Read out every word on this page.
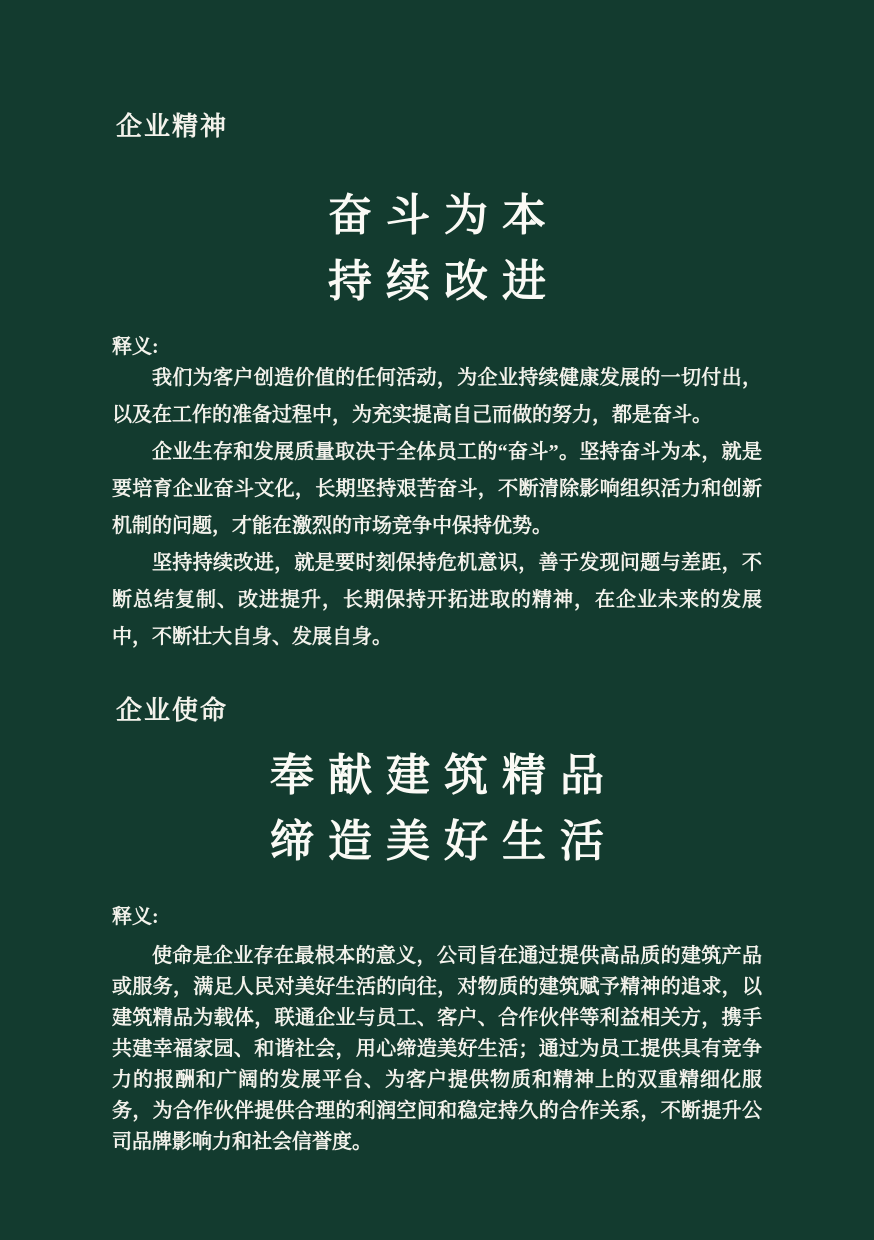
企业精神
奋斗为本
持续改进
释义:

我们为客户创造价值的任何活动，为企业持续健康发展的一切付出，以及在工作的准备过程中，为充实提高自己而做的努力，都是奋斗。

企业生存和发展质量取决于全体员工的“奋斗”。坚持奋斗为本，就是要培育企业奋斗文化，长期坚持艰苦奋斗，不断清除影响组织活力和创新机制的问题，才能在激烈的市场竞争中保持优势。

坚持持续改进，就是要时刻保持危机意识，善于发现问题与差距，不断总结复制、改进提升，长期保持开拓进取的精神，在企业未来的发展中，不断壮大自身、发展自身。

企业使命
奉献建筑精品
缔造美好生活
释义:

使命是企业存在最根本的意义，公司旨在通过提供高品质的建筑产品或服务，满足人民对美好生活的向往，对物质的建筑赋予精神的追求，以建筑精品为载体，联通企业与员工、客户、合作伙伴等利益相关方，携手共建幸福家园、和谐社会，用心缔造美好生活；通过为员工提供具有竞争力的报酬和广阔的发展平台、为客户提供物质和精神上的双重精细化服务，为合作伙伴提供合理的利润空间和稳定持久的合作关系，不断提升公司品牌影响力和社会信誉度。
